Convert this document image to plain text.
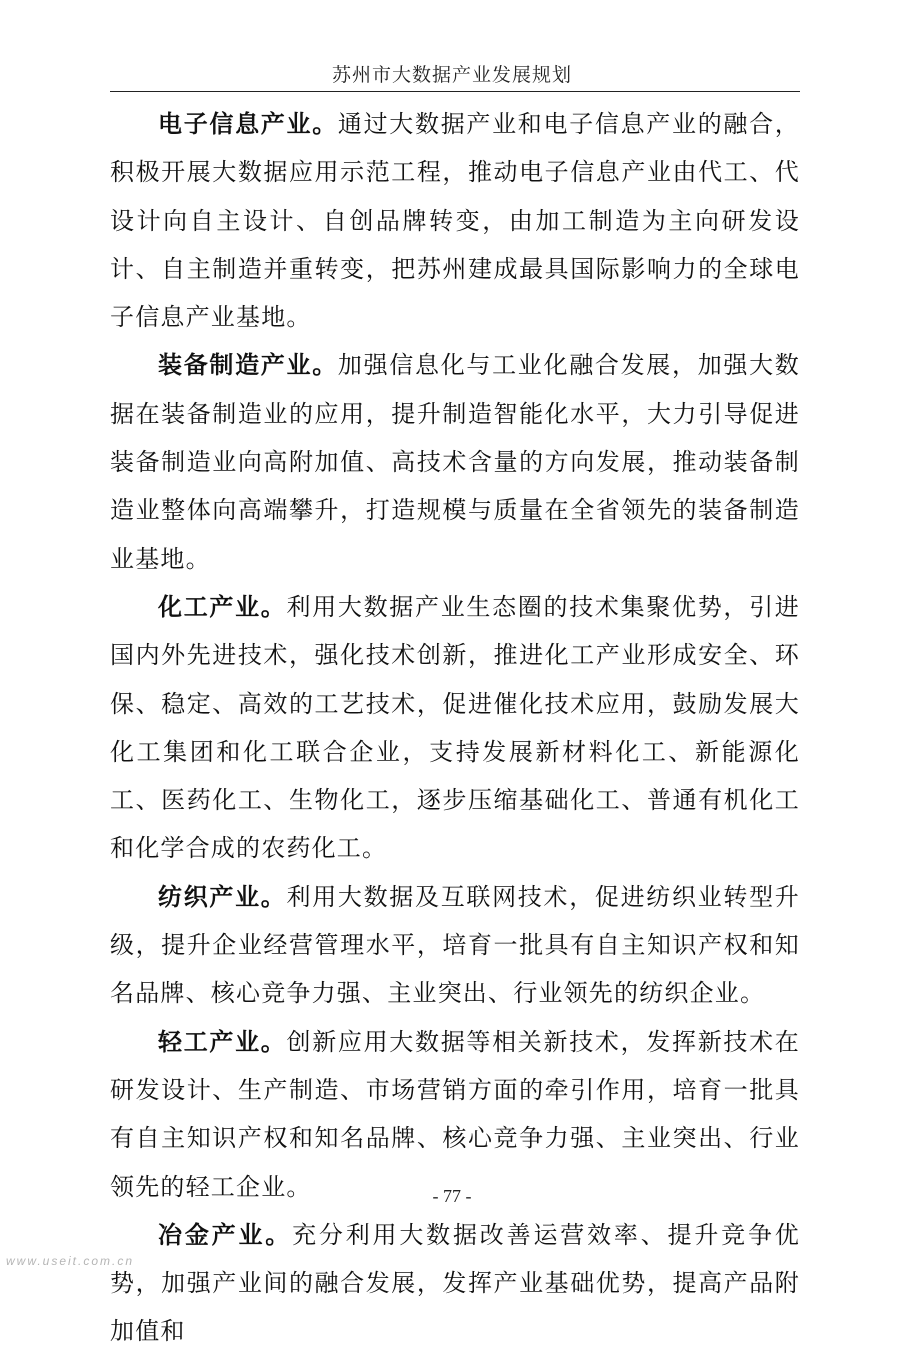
苏州市大数据产业发展规划

电子信息产业。通过大数据产业和电子信息产业的融合，积极开展大数据应用示范工程，推动电子信息产业由代工、代设计向自主设计、自创品牌转变，由加工制造为主向研发设计、自主制造并重转变，把苏州建成最具国际影响力的全球电子信息产业基地。

装备制造产业。加强信息化与工业化融合发展，加强大数据在装备制造业的应用，提升制造智能化水平，大力引导促进装备制造业向高附加值、高技术含量的方向发展，推动装备制造业整体向高端攀升，打造规模与质量在全省领先的装备制造业基地。

化工产业。利用大数据产业生态圈的技术集聚优势，引进国内外先进技术，强化技术创新，推进化工产业形成安全、环保、稳定、高效的工艺技术，促进催化技术应用，鼓励发展大化工集团和化工联合企业，支持发展新材料化工、新能源化工、医药化工、生物化工，逐步压缩基础化工、普通有机化工和化学合成的农药化工。

纺织产业。利用大数据及互联网技术，促进纺织业转型升级，提升企业经营管理水平，培育一批具有自主知识产权和知名品牌、核心竞争力强、主业突出、行业领先的纺织企业。

轻工产业。创新应用大数据等相关新技术，发挥新技术在研发设计、生产制造、市场营销方面的牵引作用，培育一批具有自主知识产权和知名品牌、核心竞争力强、主业突出、行业领先的轻工企业。

冶金产业。充分利用大数据改善运营效率、提升竞争优势，加强产业间的融合发展，发挥产业基础优势，提高产品附加值和

- 77 -
www.useit.com.cn
